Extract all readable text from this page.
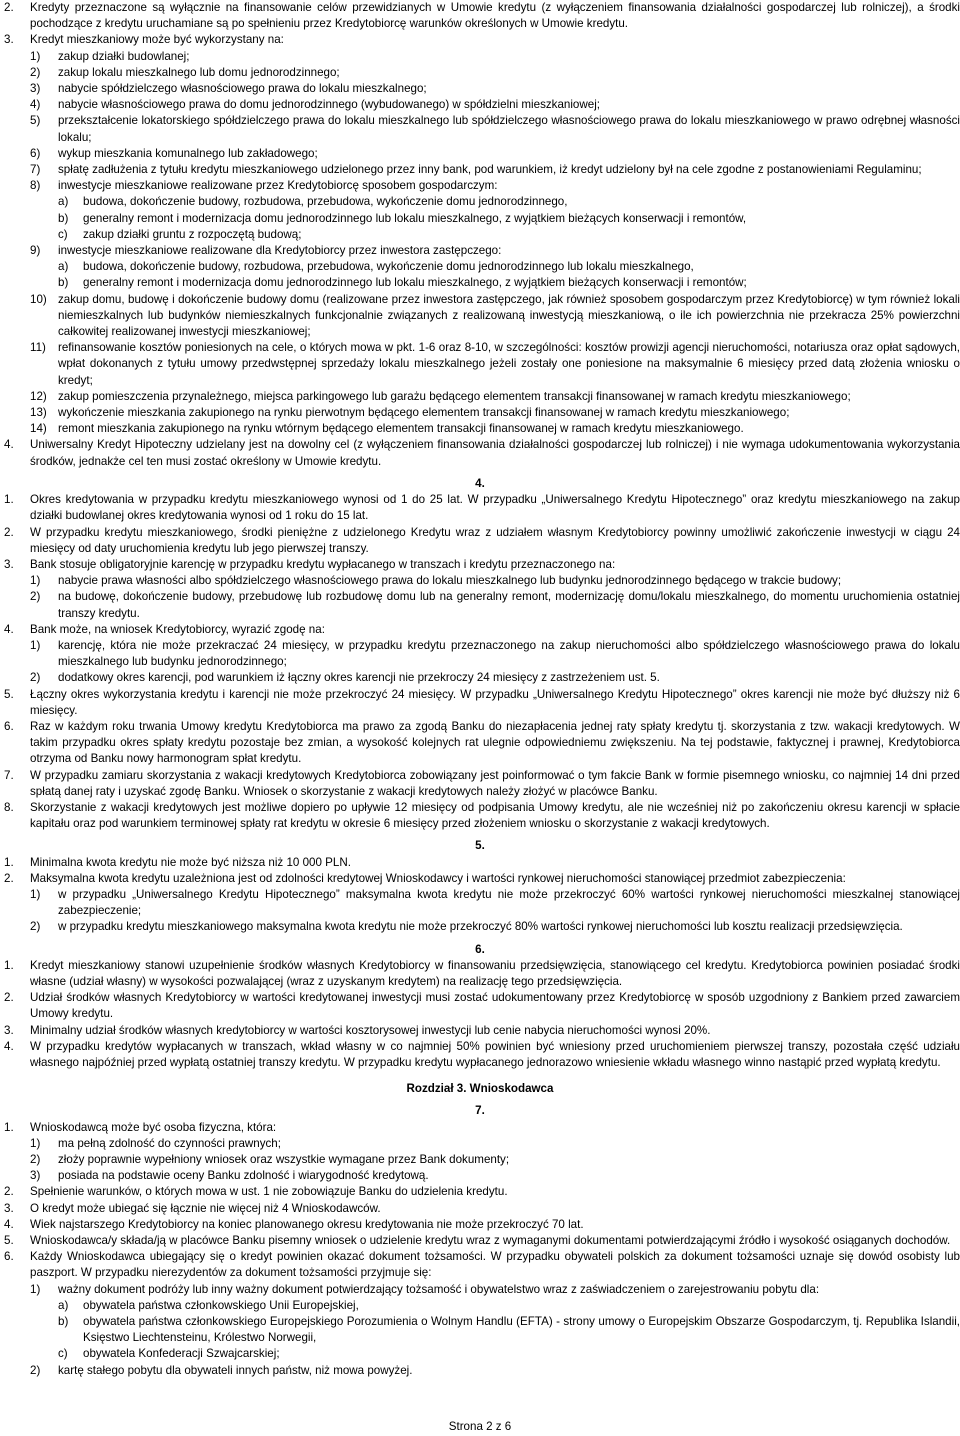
2. Kredyty przeznaczone są wyłącznie na finansowanie celów przewidzianych w Umowie kredytu (z wyłączeniem finansowania działalności gospodarczej lub rolniczej), a środki pochodzące z kredytu uruchamiane są po spełnieniu przez Kredytobiorcę warunków określonych w Umowie kredytu.
3. Kredyt mieszkaniowy może być wykorzystany na:
1) zakup działki budowlanej;
2) zakup lokalu mieszkalnego lub domu jednorodzinnego;
3) nabycie spółdzielczego własnościowego prawa do lokalu mieszkalnego;
4) nabycie własnościowego prawa do domu jednorodzinnego (wybudowanego) w spółdzielni mieszkaniowej;
5) przekształcenie lokatorskiego spółdzielczego prawa do lokalu mieszkalnego lub spółdzielczego własnościowego prawa do lokalu mieszkaniowego w prawo odrębnej własności lokalu;
6) wykup mieszkania komunalnego lub zakładowego;
7) spłatę zadłużenia z tytułu kredytu mieszkaniowego udzielonego przez inny bank, pod warunkiem, iż kredyt udzielony był na cele zgodne z postanowieniami Regulaminu;
8) inwestycje mieszkaniowe realizowane przez Kredytobiorcę sposobem gospodarczym:
a) budowa, dokończenie budowy, rozbudowa, przebudowa, wykończenie domu jednorodzinnego,
b) generalny remont i modernizacja domu jednorodzinnego lub lokalu mieszkalnego, z wyjątkiem bieżących konserwacji i remontów,
c) zakup działki gruntu z rozpoczętą budową;
9) inwestycje mieszkaniowe realizowane dla Kredytobiorcy przez inwestora zastępczego:
a) budowa, dokończenie budowy, rozbudowa, przebudowa, wykończenie domu jednorodzinnego lub lokalu mieszkalnego,
b) generalny remont i modernizacja domu jednorodzinnego lub lokalu mieszkalnego, z wyjątkiem bieżących konserwacji i remontów;
10) zakup domu, budowę i dokończenie budowy domu (realizowane przez inwestora zastępczego, jak również sposobem gospodarczym przez Kredytobiorcę) w tym również lokali niemieszkalnych lub budynków niemieszkalnych funkcjonalnie związanych z realizowaną inwestycją mieszkaniową, o ile ich powierzchnia nie przekracza 25% powierzchni całkowitej realizowanej inwestycji mieszkaniowej;
11) refinansowanie kosztów poniesionych na cele, o których mowa w pkt. 1-6 oraz 8-10, w szczególności: kosztów prowizji agencji nieruchomości, notariusza oraz opłat sądowych, wpłat dokonanych z tytułu umowy przedwstępnej sprzedaży lokalu mieszkalnego jeżeli zostały one poniesione na maksymalnie 6 miesięcy przed datą złożenia wniosku o kredyt;
12) zakup pomieszczenia przynależnego, miejsca parkingowego lub garażu będącego elementem transakcji finansowanej w ramach kredytu mieszkaniowego;
13) wykończenie mieszkania zakupionego na rynku pierwotnym będącego elementem transakcji finansowanej w ramach kredytu mieszkaniowego;
14) remont mieszkania zakupionego na rynku wtórnym będącego elementem transakcji finansowanej w ramach kredytu mieszkaniowego.
4. Uniwersalny Kredyt Hipoteczny udzielany jest na dowolny cel (z wyłączeniem finansowania działalności gospodarczej lub rolniczej) i nie wymaga udokumentowania wykorzystania środków, jednakże cel ten musi zostać określony w Umowie kredytu.
4.
1. Okres kredytowania w przypadku kredytu mieszkaniowego wynosi od 1 do 25 lat. W przypadku „Uniwersalnego Kredytu Hipotecznego” oraz kredytu mieszkaniowego na zakup działki budowlanej okres kredytowania wynosi od 1 roku do 15 lat.
2. W przypadku kredytu mieszkaniowego, środki pieniężne z udzielonego Kredytu wraz z udziałem własnym Kredytobiorcy powinny umożliwić zakończenie inwestycji w ciągu 24 miesięcy od daty uruchomienia kredytu lub jego pierwszej transzy.
3. Bank stosuje obligatoryjnie karencję w przypadku kredytu wypłacanego w transzach i kredytu przeznaczonego na:
1) nabycie prawa własności albo spółdzielczego własnościowego prawa do lokalu mieszkalnego lub budynku jednorodzinnego będącego w trakcie budowy;
2) na budowę, dokończenie budowy, przebudowę lub rozbudowę domu lub na generalny remont, modernizację domu/lokalu mieszkalnego, do momentu uruchomienia ostatniej transzy kredytu.
4. Bank może, na wniosek Kredytobiorcy, wyrazić zgodę na:
1) karencję, która nie może przekraczać 24 miesięcy, w przypadku kredytu przeznaczonego na zakup nieruchomości albo spółdzielczego własnościowego prawa do lokalu mieszkalnego lub budynku jednorodzinnego;
2) dodatkowy okres karencji, pod warunkiem iż łączny okres karencji nie przekroczy 24 miesięcy z zastrzeżeniem ust. 5.
5. Łączny okres wykorzystania kredytu i karencji nie może przekroczyć 24 miesięcy. W przypadku „Uniwersalnego Kredytu Hipotecznego” okres karencji nie może być dłuższy niż 6 miesięcy.
6. Raz w każdym roku trwania Umowy kredytu Kredytobiorca ma prawo za zgodą Banku do niezapłacenia jednej raty spłaty kredytu tj. skorzystania z tzw. wakacji kredytowych. W takim przypadku okres spłaty kredytu pozostaje bez zmian, a wysokość kolejnych rat ulegnie odpowiedniemu zwiększeniu. Na tej podstawie, faktycznej i prawnej, Kredytobiorca otrzyma od Banku nowy harmonogram spłat kredytu.
7. W przypadku zamiaru skorzystania z wakacji kredytowych Kredytobiorca zobowiązany jest poinformować o tym fakcie Bank w formie pisemnego wniosku, co najmniej 14 dni przed spłatą danej raty i uzyskać zgodę Banku. Wniosek o skorzystanie z wakacji kredytowych należy złożyć w placówce Banku.
8. Skorzystanie z wakacji kredytowych jest możliwe dopiero po upływie 12 miesięcy od podpisania Umowy kredytu, ale nie wcześniej niż po zakończeniu okresu karencji w spłacie kapitału oraz pod warunkiem terminowej spłaty rat kredytu w okresie 6 miesięcy przed złożeniem wniosku o skorzystanie z wakacji kredytowych.
5.
1. Minimalna kwota kredytu nie może być niższa niż 10 000 PLN.
2. Maksymalna kwota kredytu uzależniona jest od zdolności kredytowej Wnioskodawcy i wartości rynkowej nieruchomości stanowiącej przedmiot zabezpieczenia:
1) w przypadku „Uniwersalnego Kredytu Hipotecznego” maksymalna kwota kredytu nie może przekroczyć 60% wartości rynkowej nieruchomości mieszkalnej stanowiącej zabezpieczenie;
2) w przypadku kredytu mieszkaniowego maksymalna kwota kredytu nie może przekroczyć 80% wartości rynkowej nieruchomości lub kosztu realizacji przedsięwzięcia.
6.
1. Kredyt mieszkaniowy stanowi uzupełnienie środków własnych Kredytobiorcy w finansowaniu przedsięwzięcia, stanowiącego cel kredytu. Kredytobiorca powinien posiadać środki własne (udział własny) w wysokości pozwalającej (wraz z uzyskanym kredytem) na realizację tego przedsięwzięcia.
2. Udział środków własnych Kredytobiorcy w wartości kredytowanej inwestycji musi zostać udokumentowany przez Kredytobiorcę w sposób uzgodniony z Bankiem przed zawarciem Umowy kredytu.
3. Minimalny udział środków własnych kredytobiorcy w wartości kosztorysowej inwestycji lub cenie nabycia nieruchomości wynosi 20%.
4. W przypadku kredytów wypłacanych w transzach, wkład własny w co najmniej 50% powinien być wniesiony przed uruchomieniem pierwszej transzy, pozostała część udziału własnego najpóźniej przed wypłatą ostatniej transzy kredytu. W przypadku kredytu wypłacanego jednorazowo wniesienie wkładu własnego winno nastąpić przed wypłatą kredytu.
Rozdział 3. Wnioskodawca
7.
1. Wnioskodawcą może być osoba fizyczna, która:
1) ma pełną zdolność do czynności prawnych;
2) złoży poprawnie wypełniony wniosek oraz wszystkie wymagane przez Bank dokumenty;
3) posiada na podstawie oceny Banku zdolność i wiarygodność kredytową.
2. Spełnienie warunków, o których mowa w ust. 1 nie zobowiązuje Banku do udzielenia kredytu.
3. O kredyt może ubiegać się łącznie nie więcej niż 4 Wnioskodawców.
4. Wiek najstarszego Kredytobiorcy na koniec planowanego okresu kredytowania nie może przekroczyć 70 lat.
5. Wnioskodawca/y składa/ją w placówce Banku pisemny wniosek o udzielenie kredytu wraz z wymaganymi dokumentami potwierdzającymi źródło i wysokość osiąganych dochodów.
6. Każdy Wnioskodawca ubiegający się o kredyt powinien okazać dokument tożsamości. W przypadku obywateli polskich za dokument tożsamości uznaje się dowód osobisty lub paszport. W przypadku nierezydentów za dokument tożsamości przyjmuje się:
1) ważny dokument podróży lub inny ważny dokument potwierdzający tożsamość i obywatelstwo wraz z zaświadczeniem o zarejestrowaniu pobytu dla:
a) obywatela państwa członkowskiego Unii Europejskiej,
b) obywatela państwa członkowskiego Europejskiego Porozumienia o Wolnym Handlu (EFTA) - strony umowy o Europejskim Obszarze Gospodarczym, tj. Republika Islandii, Księstwo Liechtensteinu, Królestwo Norwegii,
c) obywatela Konfederacji Szwajcarskiej;
2) kartę stałego pobytu dla obywateli innych państw, niż mowa powyżej.
Strona 2 z 6
